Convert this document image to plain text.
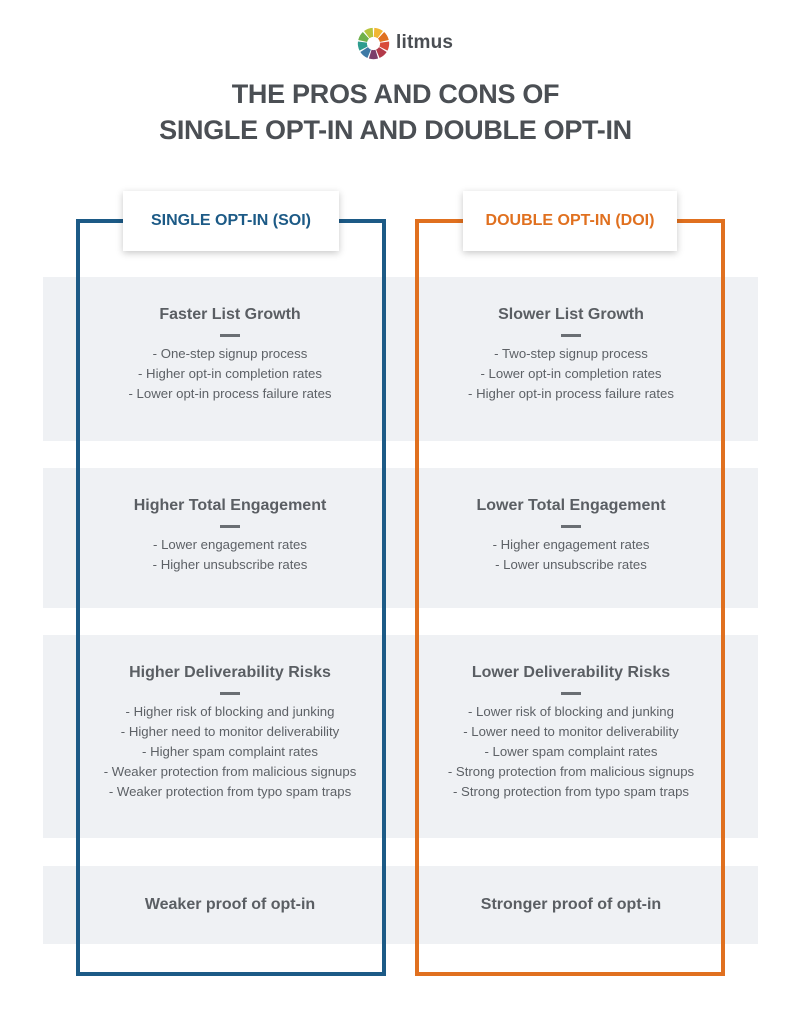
litmus
THE PROS AND CONS OF
SINGLE OPT-IN AND DOUBLE OPT-IN
SINGLE OPT-IN (SOI)	DOUBLE OPT-IN (DOI)
Faster List Growth
- One-step signup process
- Higher opt-in completion rates
- Lower opt-in process failure rates
Slower List Growth
- Two-step signup process
- Lower opt-in completion rates
- Higher opt-in process failure rates
Higher Total Engagement
- Lower engagement rates
- Higher unsubscribe rates
Lower Total Engagement
- Higher engagement rates
- Lower unsubscribe rates
Higher Deliverability Risks
- Higher risk of blocking and junking
- Higher need to monitor deliverability
- Higher spam complaint rates
- Weaker protection from malicious signups
- Weaker protection from typo spam traps
Lower Deliverability Risks
- Lower risk of blocking and junking
- Lower need to monitor deliverability
- Lower spam complaint rates
- Strong protection from malicious signups
- Strong protection from typo spam traps
Weaker proof of opt-in	Stronger proof of opt-in
